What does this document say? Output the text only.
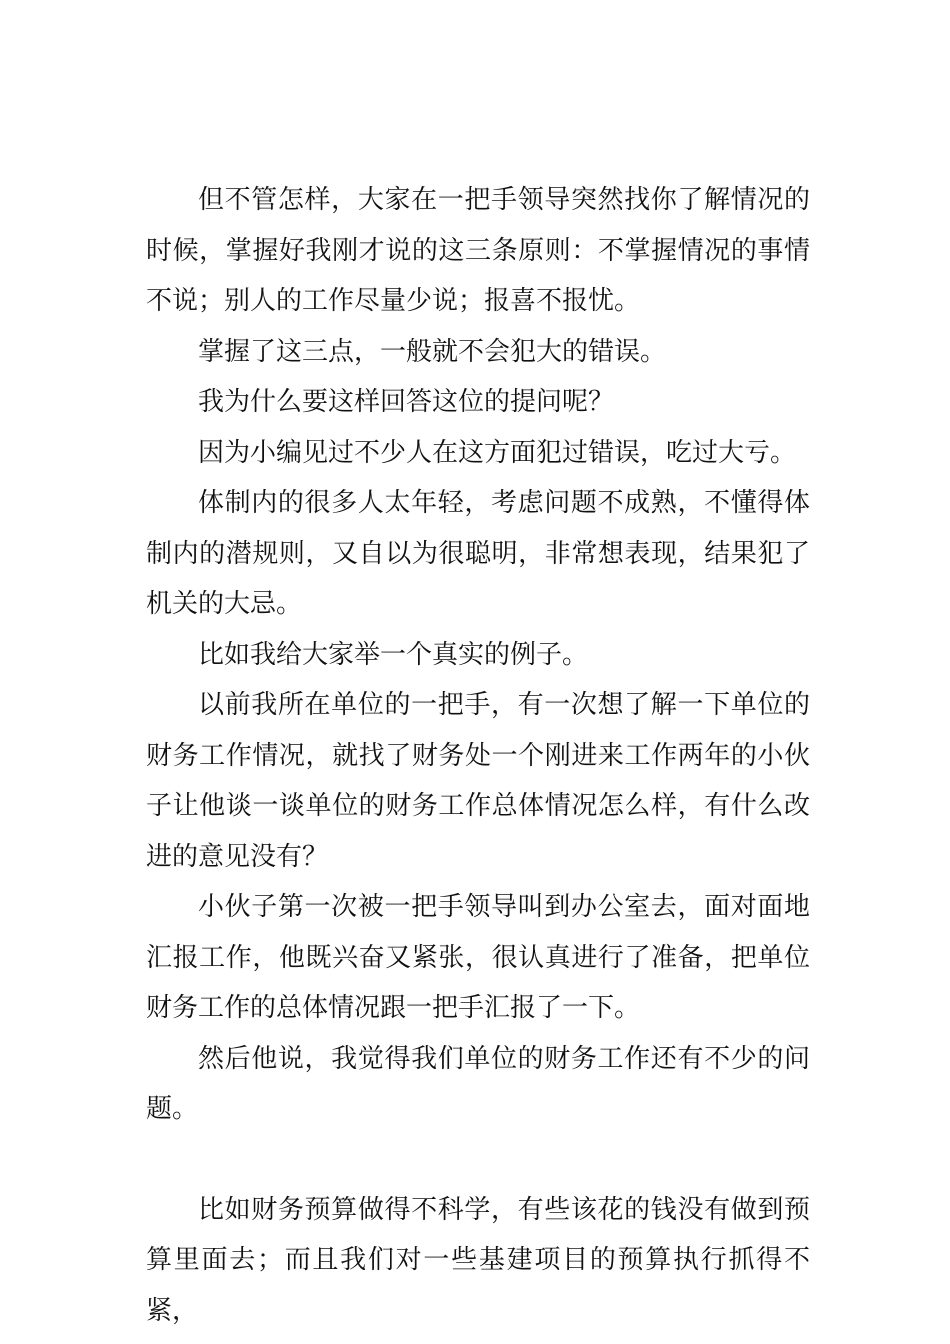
但不管怎样，大家在一把手领导突然找你了解情况的时候，掌握好我刚才说的这三条原则：不掌握情况的事情不说；别人的工作尽量少说；报喜不报忧。

掌握了这三点，一般就不会犯大的错误。

我为什么要这样回答这位的提问呢？

因为小编见过不少人在这方面犯过错误，吃过大亏。

体制内的很多人太年轻，考虑问题不成熟，不懂得体制内的潜规则，又自以为很聪明，非常想表现，结果犯了机关的大忌。

比如我给大家举一个真实的例子。

以前我所在单位的一把手，有一次想了解一下单位的财务工作情况，就找了财务处一个刚进来工作两年的小伙子让他谈一谈单位的财务工作总体情况怎么样，有什么改进的意见没有？

小伙子第一次被一把手领导叫到办公室去，面对面地汇报工作，他既兴奋又紧张，很认真进行了准备，把单位财务工作的总体情况跟一把手汇报了一下。

然后他说，我觉得我们单位的财务工作还有不少的问题。

比如财务预算做得不科学，有些该花的钱没有做到预算里面去；而且我们对一些基建项目的预算执行抓得不紧，
